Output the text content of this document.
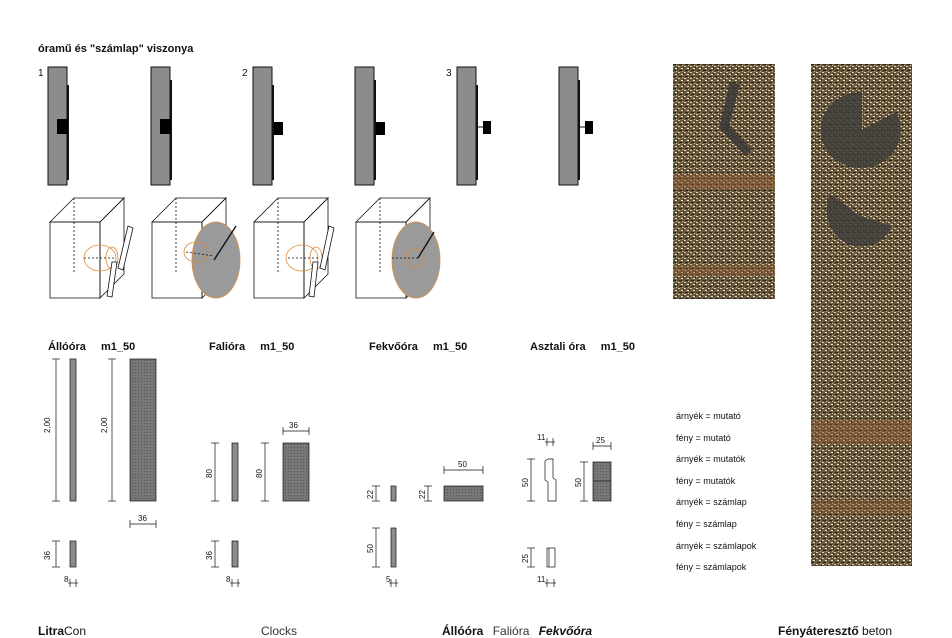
óramű és "számlap" viszonya
1	2	3
2,00	2,00
36
36
8
36
80	80
36
8
50
22	22
50
5
11	25
50	50
25
11
Állóóra m1_50	Falióra m1_50	Fekvőóra m1_50	Asztali óra m1_50
árnyék = mutató
fény = mutató
árnyék = mutatók
fény = mutatók
árnyék = számlap
fény = számlap
árnyék = számlapok
fény = számlapok
LitraCon	Clocks	Állóóra Falióra Fekvőóra	Fényáteresztő beton
